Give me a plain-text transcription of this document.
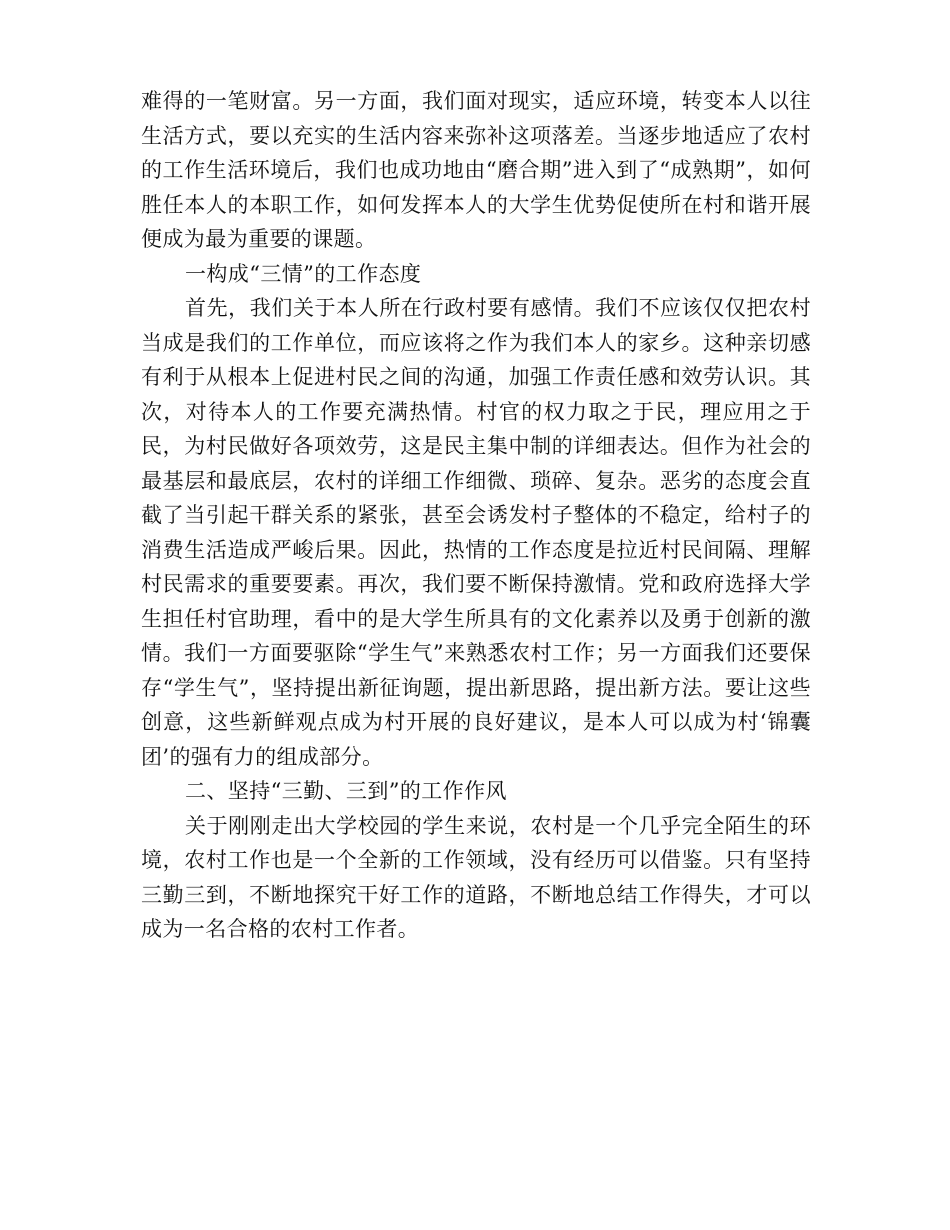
难得的一笔财富。另一方面，我们面对现实，适应环境，转变本人以往生活方式，要以充实的生活内容来弥补这项落差。当逐步地适应了农村的工作生活环境后，我们也成功地由“磨合期”进入到了“成熟期”，如何胜任本人的本职工作，如何发挥本人的大学生优势促使所在村和谐开展便成为最为重要的课题。

一构成“三情”的工作态度

首先，我们关于本人所在行政村要有感情。我们不应该仅仅把农村当成是我们的工作单位，而应该将之作为我们本人的家乡。这种亲切感有利于从根本上促进村民之间的沟通，加强工作责任感和效劳认识。其次，对待本人的工作要充满热情。村官的权力取之于民，理应用之于民，为村民做好各项效劳，这是民主集中制的详细表达。但作为社会的最基层和最底层，农村的详细工作细微、琐碎、复杂。恶劣的态度会直截了当引起干群关系的紧张，甚至会诱发村子整体的不稳定，给村子的消费生活造成严峻后果。因此，热情的工作态度是拉近村民间隔、理解村民需求的重要要素。再次，我们要不断保持激情。党和政府选择大学生担任村官助理，看中的是大学生所具有的文化素养以及勇于创新的激情。我们一方面要驱除“学生气”来熟悉农村工作；另一方面我们还要保存“学生气”，坚持提出新征询题，提出新思路，提出新方法。要让这些创意，这些新鲜观点成为村开展的良好建议，是本人可以成为村‘锦囊团’的强有力的组成部分。

二、坚持“三勤、三到”的工作作风

关于刚刚走出大学校园的学生来说，农村是一个几乎完全陌生的环境，农村工作也是一个全新的工作领域，没有经历可以借鉴。只有坚持三勤三到，不断地探究干好工作的道路，不断地总结工作得失，才可以成为一名合格的农村工作者。
